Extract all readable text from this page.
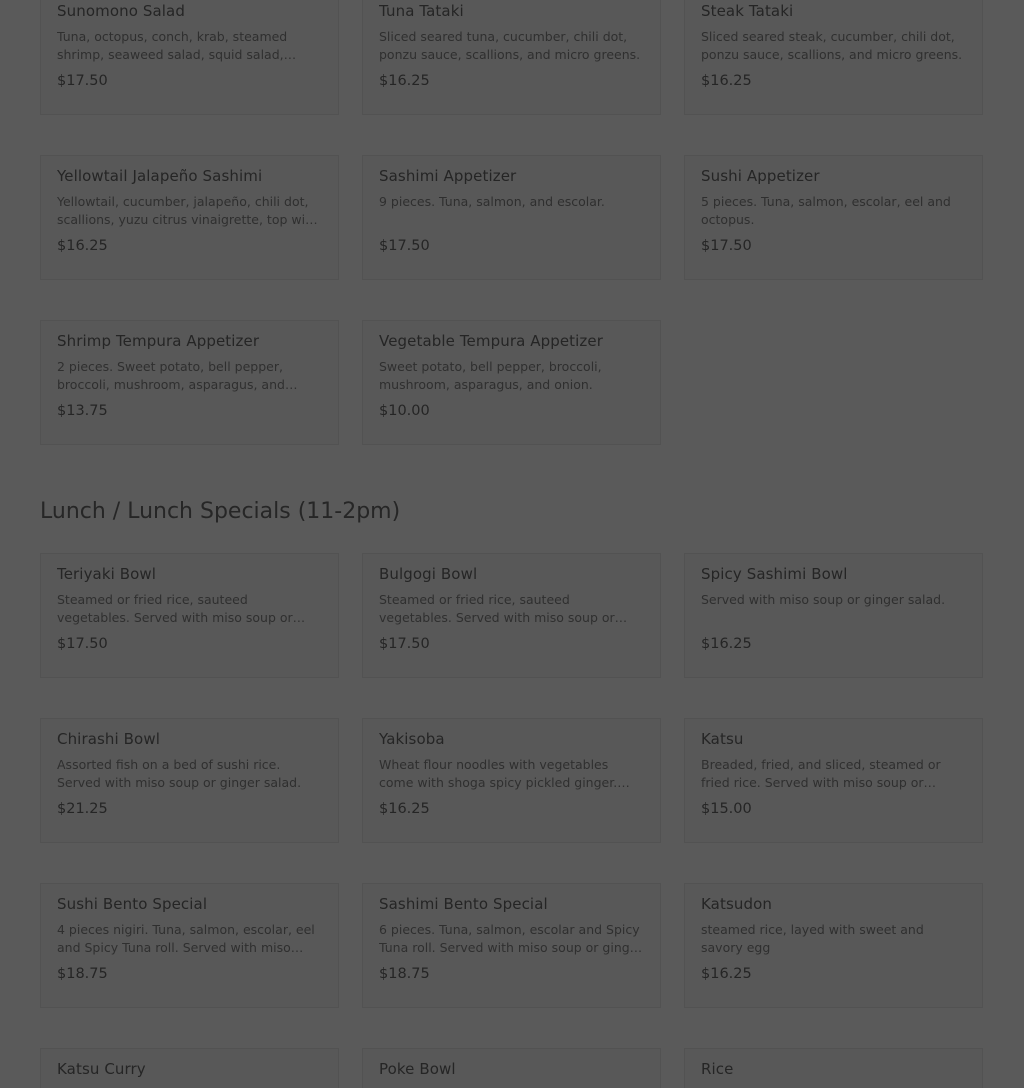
Sunomono Salad
Tuna, octopus, conch, krab, steamed shrimp, seaweed salad, squid salad,
$17.50
Tuna Tataki
Sliced seared tuna, cucumber, chili dot, ponzu sauce, scallions, and micro greens.
$16.25
Steak Tataki
Sliced seared steak, cucumber, chili dot, ponzu sauce, scallions, and micro greens.
$16.25
Yellowtail Jalapeño Sashimi
Yellowtail, cucumber, jalapeño, chili dot, scallions, yuzu citrus vinaigrette, top with
$16.25
Sashimi Appetizer
9 pieces. Tuna, salmon, and escolar.
$17.50
Sushi Appetizer
5 pieces. Tuna, salmon, escolar, eel and octopus.
$17.50
Shrimp Tempura Appetizer
2 pieces. Sweet potato, bell pepper, broccoli, mushroom, asparagus, and
$13.75
Vegetable Tempura Appetizer
Sweet potato, bell pepper, broccoli, mushroom, asparagus, and onion.
$10.00
Lunch / Lunch Specials (11-2pm)
Teriyaki Bowl
Steamed or fried rice, sauteed vegetables. Served with miso soup or
$17.50
Bulgogi Bowl
Steamed or fried rice, sauteed vegetables. Served with miso soup or
$17.50
Spicy Sashimi Bowl
Served with miso soup or ginger salad.
$16.25
Chirashi Bowl
Assorted fish on a bed of sushi rice. Served with miso soup or ginger salad.
$21.25
Yakisoba
Wheat flour noodles with vegetables come with shoga spicy pickled ginger.
$16.25
Katsu
Breaded, fried, and sliced, steamed or fried rice. Served with miso soup or
$15.00
Sushi Bento Special
4 pieces nigiri. Tuna, salmon, escolar, eel and Spicy Tuna roll. Served with miso
$18.75
Sashimi Bento Special
6 pieces. Tuna, salmon, escolar and Spicy Tuna roll. Served with miso soup or ginger
$18.75
Katsudon
steamed rice, layed with sweet and savory egg
$16.25
Katsu Curry	Poke Bowl	Rice
